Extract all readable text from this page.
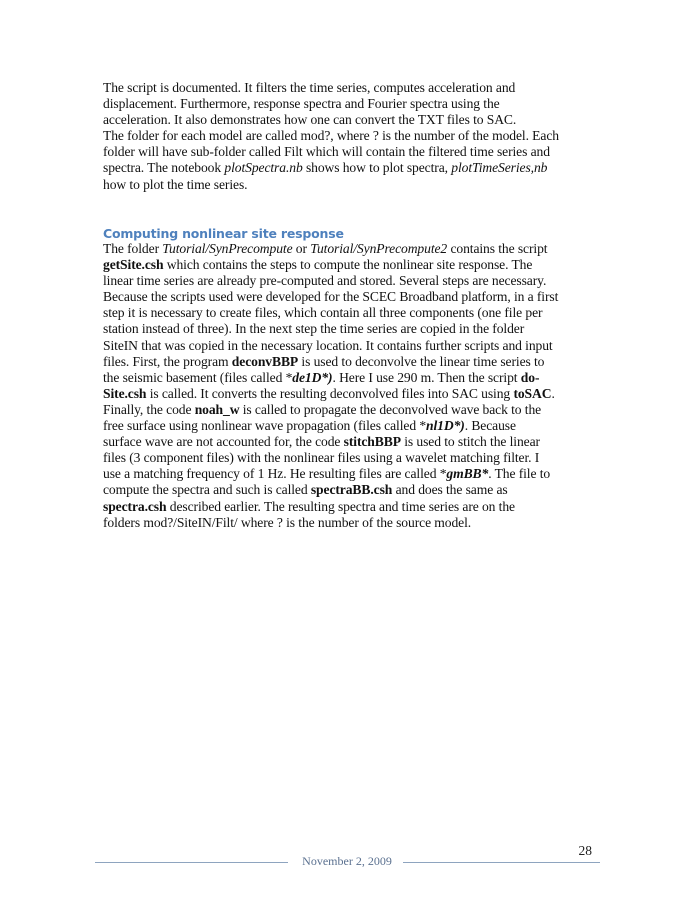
The script is documented. It filters the time series, computes acceleration and
displacement. Furthermore, response spectra and Fourier spectra using the
acceleration. It also demonstrates how one can convert the TXT files to SAC.
The folder for each model are called mod?, where ? is the number of the model. Each
folder will have sub-folder called Filt which will contain the filtered time series and
spectra. The notebook plotSpectra.nb shows how to plot spectra, plotTimeSeries,nb
how to plot the time series.
Computing nonlinear site response
The folder Tutorial/SynPrecompute or Tutorial/SynPrecompute2 contains the script
getSite.csh which contains the steps to compute the nonlinear site response. The
linear time series are already pre-computed and stored. Several steps are necessary.
Because the scripts used were developed for the SCEC Broadband platform, in a first
step it is necessary to create files, which contain all three components (one file per
station instead of three). In the next step the time series are copied in the folder
SiteIN that was copied in the necessary location. It contains further scripts and input
files. First, the program deconvBBP is used to deconvolve the linear time series to
the seismic basement (files called *de1D*). Here I use 290 m. Then the script do-
Site.csh is called. It converts the resulting deconvolved files into SAC using toSAC.
Finally, the code noah_w is called to propagate the deconvolved wave back to the
free surface using nonlinear wave propagation (files called *nl1D*). Because
surface wave are not accounted for, the code stitchBBP is used to stitch the linear
files (3 component files) with the nonlinear files using a wavelet matching filter. I
use a matching frequency of 1 Hz. He resulting files are called *gmBB*. The file to
compute the spectra and such is called spectraBB.csh and does the same as
spectra.csh described earlier. The resulting spectra and time series are on the
folders mod?/SiteIN/Filt/ where ? is the number of the source model.
28
November 2, 2009
